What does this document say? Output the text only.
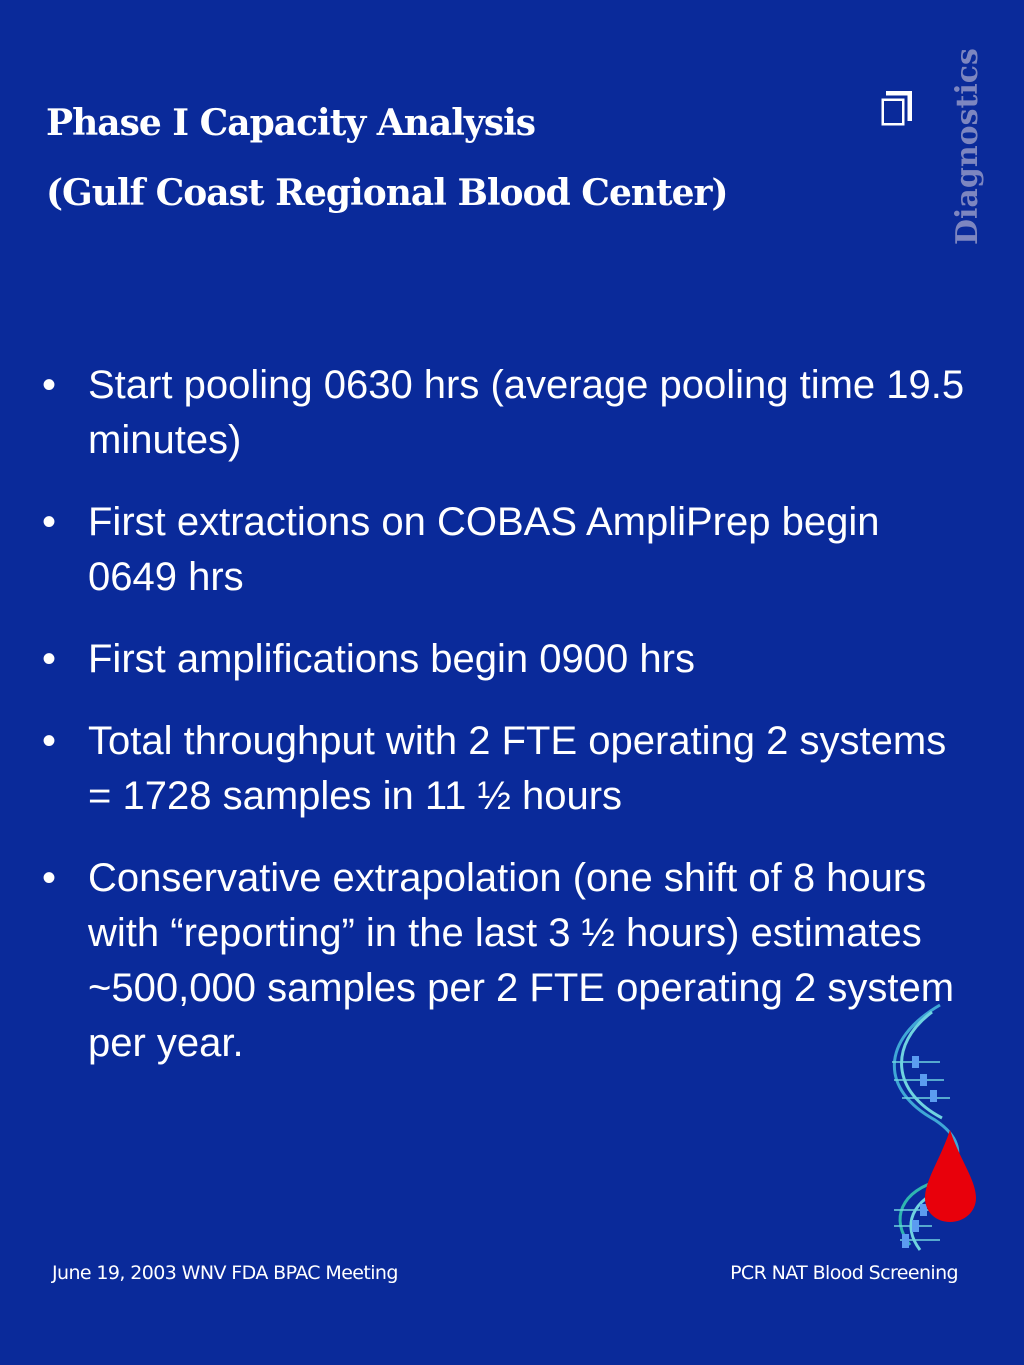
Phase I Capacity Analysis
(Gulf Coast Regional Blood Center)	Diagnostics
• Start pooling 0630 hrs (average pooling time 19.5 minutes)
• First extractions on COBAS AmpliPrep begin 0649 hrs
• First amplifications begin 0900 hrs
• Total throughput with 2 FTE operating 2 systems = 1728 samples in 11 ½ hours
• Conservative extrapolation (one shift of 8 hours with “reporting” in the last 3 ½ hours) estimates ~500,000 samples per 2 FTE operating 2 system per year.
June 19, 2003 WNV FDA BPAC Meeting	PCR NAT Blood Screening
